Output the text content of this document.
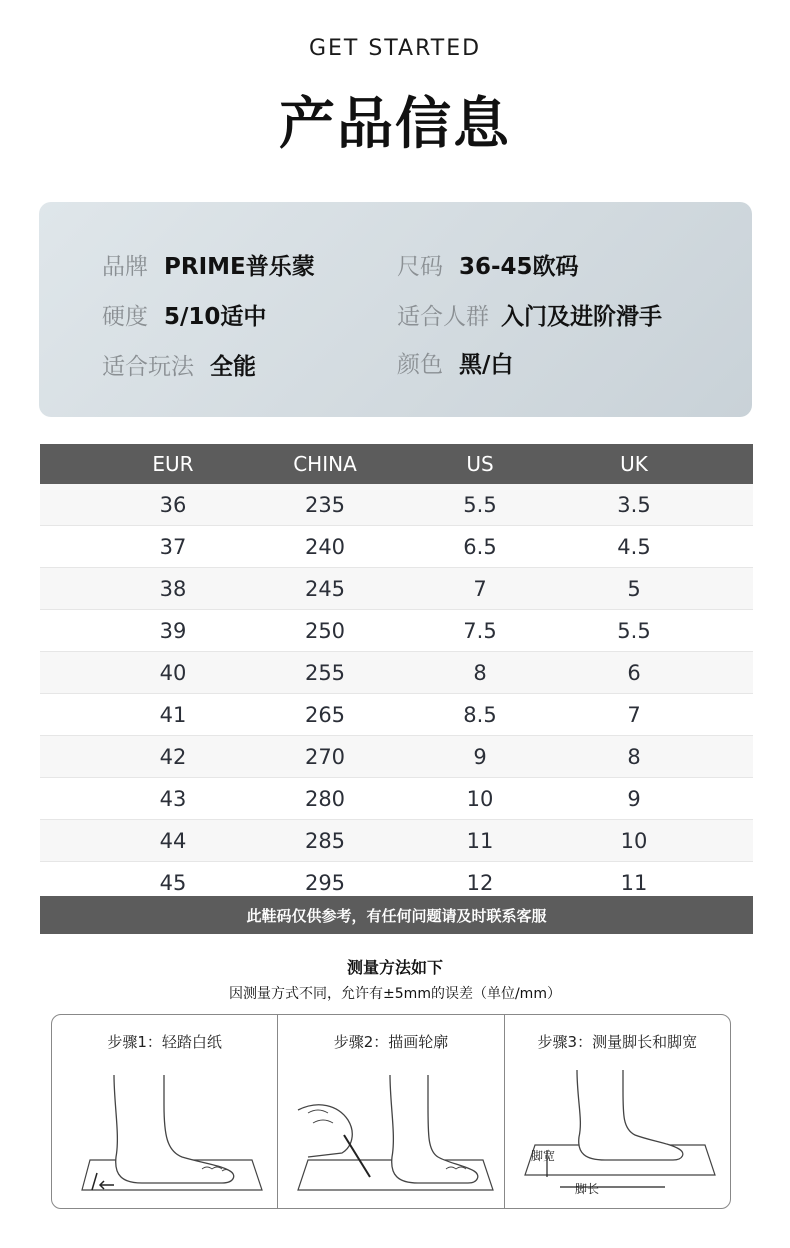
GET STARTED
产品信息
品牌 PRIME普乐蒙	尺码 36-45欧码
硬度 5/10适中	适合人群 入门及进阶滑手
适合玩法 全能	颜色 黑/白
EUR	CHINA	US	UK
36	235	5.5	3.5
37	240	6.5	4.5
38	245	7	5
39	250	7.5	5.5
40	255	8	6
41	265	8.5	7
42	270	9	8
43	280	10	9
44	285	11	10
45	295	12	11
此鞋码仅供参考，有任何问题请及时联系客服
测量方法如下
因测量方式不同，允许有±5mm的误差（单位/mm）
步骤1：轻踏白纸	步骤2：描画轮廓	步骤3：测量脚长和脚宽
脚宽
脚长
